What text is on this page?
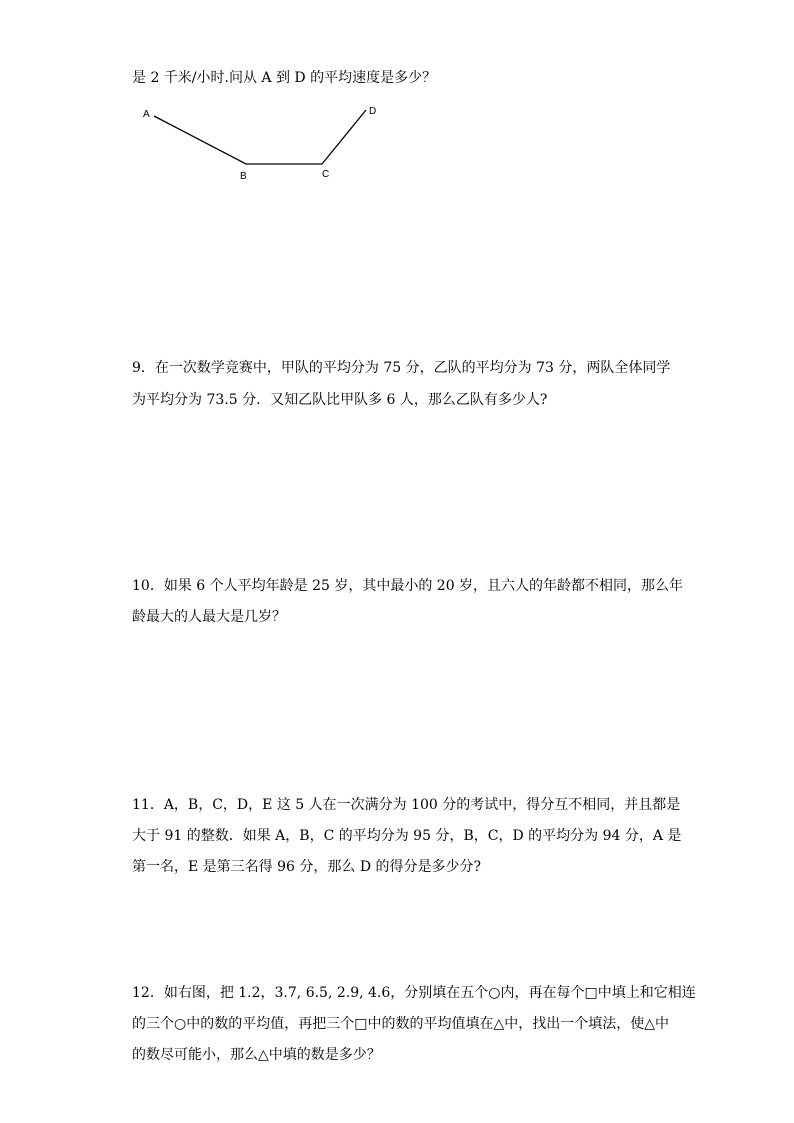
是 2 千米/小时.问从 A 到 D 的平均速度是多少？
A
B	C
D
9．在一次数学竞赛中，甲队的平均分为 75 分，乙队的平均分为 73 分，两队全体同学
为平均分为 73.5 分．又知乙队比甲队多 6 人，那么乙队有多少人?
10．如果 6 个人平均年龄是 25 岁，其中最小的 20 岁，且六人的年龄都不相同，那么年
龄最大的人最大是几岁？
11．A，B，C，D，E 这 5 人在一次满分为 100 分的考试中，得分互不相同，并且都是
大于 91 的整数．如果 A，B，C 的平均分为 95 分，B，C，D 的平均分为 94 分，A 是
第一名，E 是第三名得 96 分，那么 D 的得分是多少分?
12．如右图，把 1.2，3.7, 6.5, 2.9, 4.6，分别填在五个○内，再在每个□中填上和它相连
的三个○中的数的平均值，再把三个□中的数的平均值填在△中，找出一个填法，使△中
的数尽可能小，那么△中填的数是多少？
